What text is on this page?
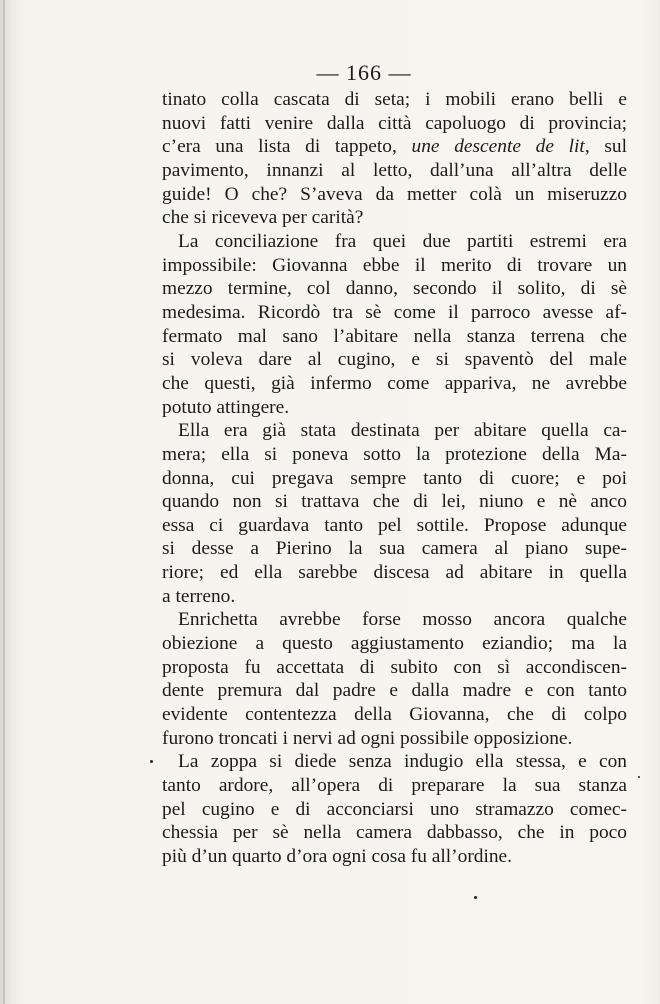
— 166 —
tinato colla cascata di seta; i mobili erano belli e
nuovi fatti venire dalla città capoluogo di provincia;
c’era una lista di tappeto, une descente de lit, sul
pavimento, innanzi al letto, dall’una all’altra delle
guide! O che? S’aveva da metter colà un miseruzzo
che si riceveva per carità?
La conciliazione fra quei due partiti estremi era
impossibile: Giovanna ebbe il merito di trovare un
mezzo termine, col danno, secondo il solito, di sè
medesima. Ricordò tra sè come il parroco avesse af-
fermato mal sano l’abitare nella stanza terrena che
si voleva dare al cugino, e si spaventò del male
che questi, già infermo come appariva, ne avrebbe
potuto attingere.
Ella era già stata destinata per abitare quella ca-
mera; ella si poneva sotto la protezione della Ma-
donna, cui pregava sempre tanto di cuore; e poi
quando non si trattava che di lei, niuno e nè anco
essa ci guardava tanto pel sottile. Propose adunque
si desse a Pierino la sua camera al piano supe-
riore; ed ella sarebbe discesa ad abitare in quella
a terreno.
Enrichetta avrebbe forse mosso ancora qualche
obiezione a questo aggiustamento eziandio; ma la
proposta fu accettata di subito con sì accondiscen-
dente premura dal padre e dalla madre e con tanto
evidente contentezza della Giovanna, che di colpo
furono troncati i nervi ad ogni possibile opposizione.
La zoppa si diede senza indugio ella stessa, e con
tanto ardore, all’opera di preparare la sua stanza
pel cugino e di acconciarsi uno stramazzo comec-
chessia per sè nella camera dabbasso, che in poco
più d’un quarto d’ora ogni cosa fu all’ordine.
